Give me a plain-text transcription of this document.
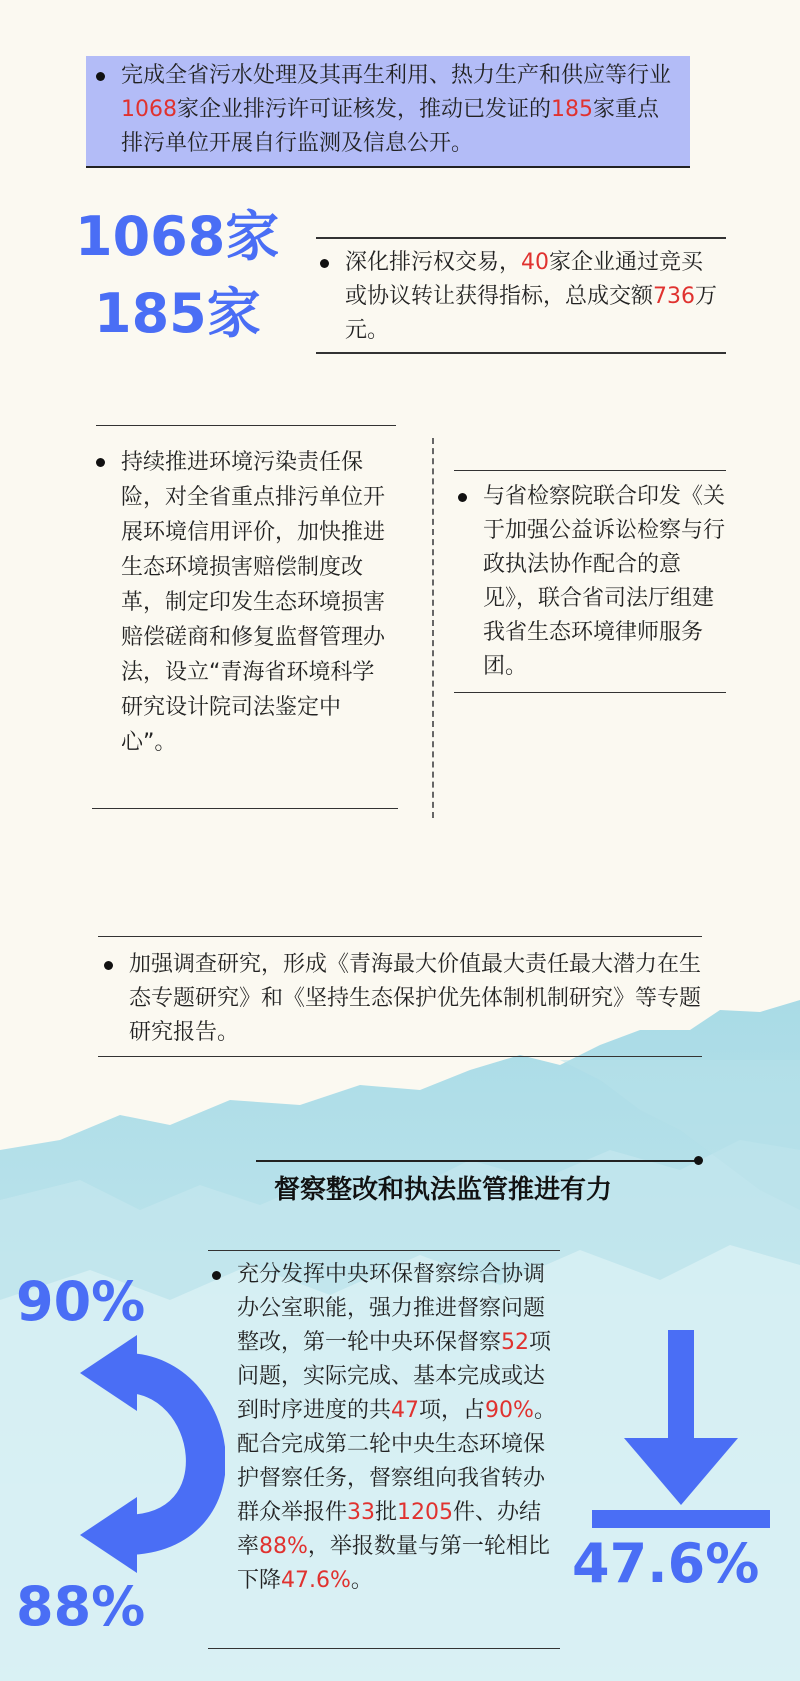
完成全省污水处理及其再生利用、热力生产和供应等行业1068家企业排污许可证核发，推动已发证的185家重点排污单位开展自行监测及信息公开。
1068家
185家
深化排污权交易，40家企业通过竞买或协议转让获得指标，总成交额736万元。
持续推进环境污染责任保险，对全省重点排污单位开展环境信用评价，加快推进生态环境损害赔偿制度改革，制定印发生态环境损害赔偿磋商和修复监督管理办法，设立“青海省环境科学研究设计院司法鉴定中心”。
与省检察院联合印发《关于加强公益诉讼检察与行政执法协作配合的意见》，联合省司法厅组建我省生态环境律师服务团。
加强调查研究，形成《青海最大价值最大责任最大潜力在生态专题研究》和《坚持生态保护优先体制机制研究》等专题研究报告。
督察整改和执法监管推进有力
90%
88%
充分发挥中央环保督察综合协调办公室职能，强力推进督察问题整改，第一轮中央环保督察52项问题，实际完成、基本完成或达到时序进度的共47项，占90%。配合完成第二轮中央生态环境保护督察任务，督察组向我省转办群众举报件33批1205件、办结率88%，举报数量与第一轮相比下降47.6%。	47.6%
